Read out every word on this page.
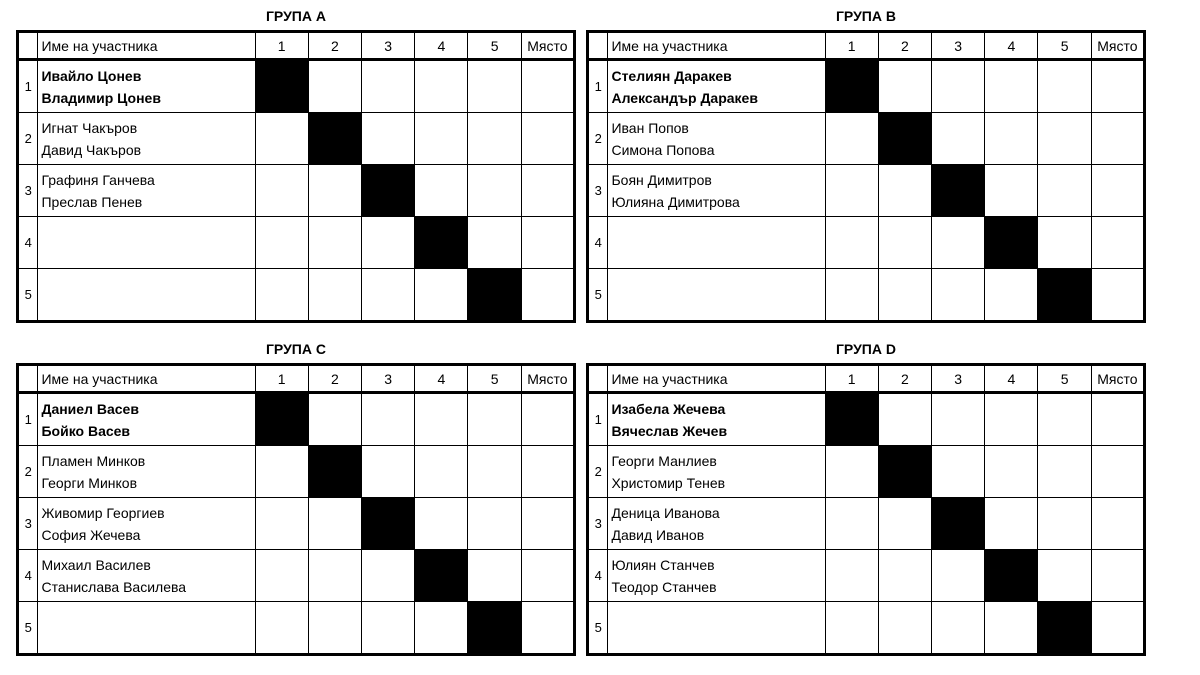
ГРУПА А
	Име на участника	1	2	3	4	5	Място
1	Ивайло Цонев
Владимир Цонев						

2	Игнат Чакъров
Давид Чакъров						

3	Графиня Ганчева
Преслав Пенев						

4	

5	

ГРУПА В
	Име на участника	1	2	3	4	5	Място
1	Стелиян Даракев
Александър Даракев						

2	Иван Попов
Симона Попова						

3	Боян Димитров
Юлияна Димитрова						

4	

5	

ГРУПА С
	Име на участника	1	2	3	4	5	Място
1	Даниел Васев
Бойко Васев						

2	Пламен Минков
Георги Минков						

3	Живомир Георгиев
София Жечева						

4	Михаил Василев
Станислава Василева						

5	

ГРУПА D
	Име на участника	1	2	3	4	5	Място
1	Изабела Жечева
Вячеслав Жечев						

2	Георги Манлиев
Христомир Тенев						

3	Деница Иванова
Давид Иванов						

4	Юлиян Станчев
Теодор Станчев						

5	
